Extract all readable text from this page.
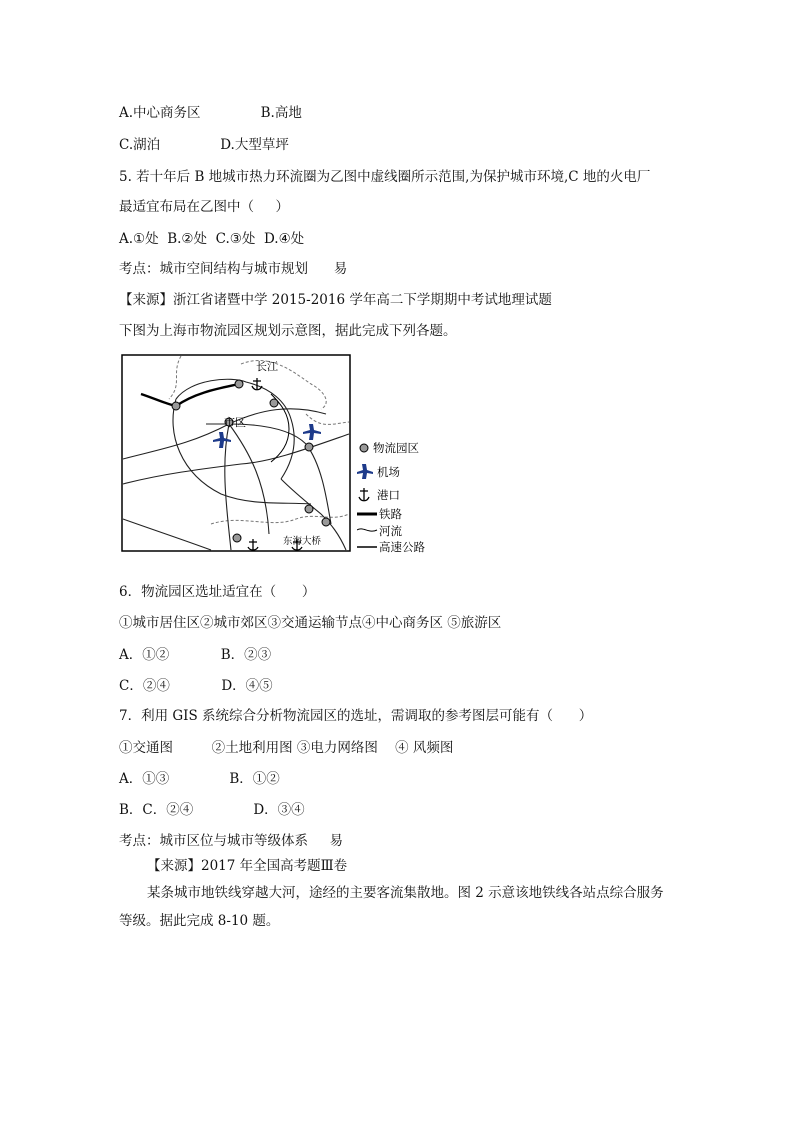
A.中心商务区              B.高地
C.湖泊              D.大型草坪
5. 若十年后 B 地城市热力环流圈为乙图中虚线圈所示范围,为保护城市环境,C 地的火电厂
最适宜布局在乙图中（     ）
A.①处  B.②处  C.③处  D.④处
考点：城市空间结构与城市规划      易
【来源】浙江省诸暨中学 2015-2016 学年高二下学期期中考试地理试题
下图为上海市物流园区规划示意图，据此完成下列各题。
长江
市区
东海大桥
物流园区
机场
港口
铁路
河流
高速公路
6．物流园区选址适宜在（      ）
①城市居住区②城市郊区③交通运输节点④中心商务区 ⑤旅游区
A．①②            B．②③
C．②④            D．④⑤
7．利用 GIS 系统综合分析物流园区的选址，需调取的参考图层可能有（      ）
①交通图         ②土地利用图 ③电力网络图    ④ 风频图
A．①③              B．①②
B．C．②④              D．③④
考点：城市区位与城市等级体系     易
【来源】2017 年全国高考题Ⅲ卷
某条城市地铁线穿越大河，途经的主要客流集散地。图 2 示意该地铁线各站点综合服务
等级。据此完成 8-10 题。
